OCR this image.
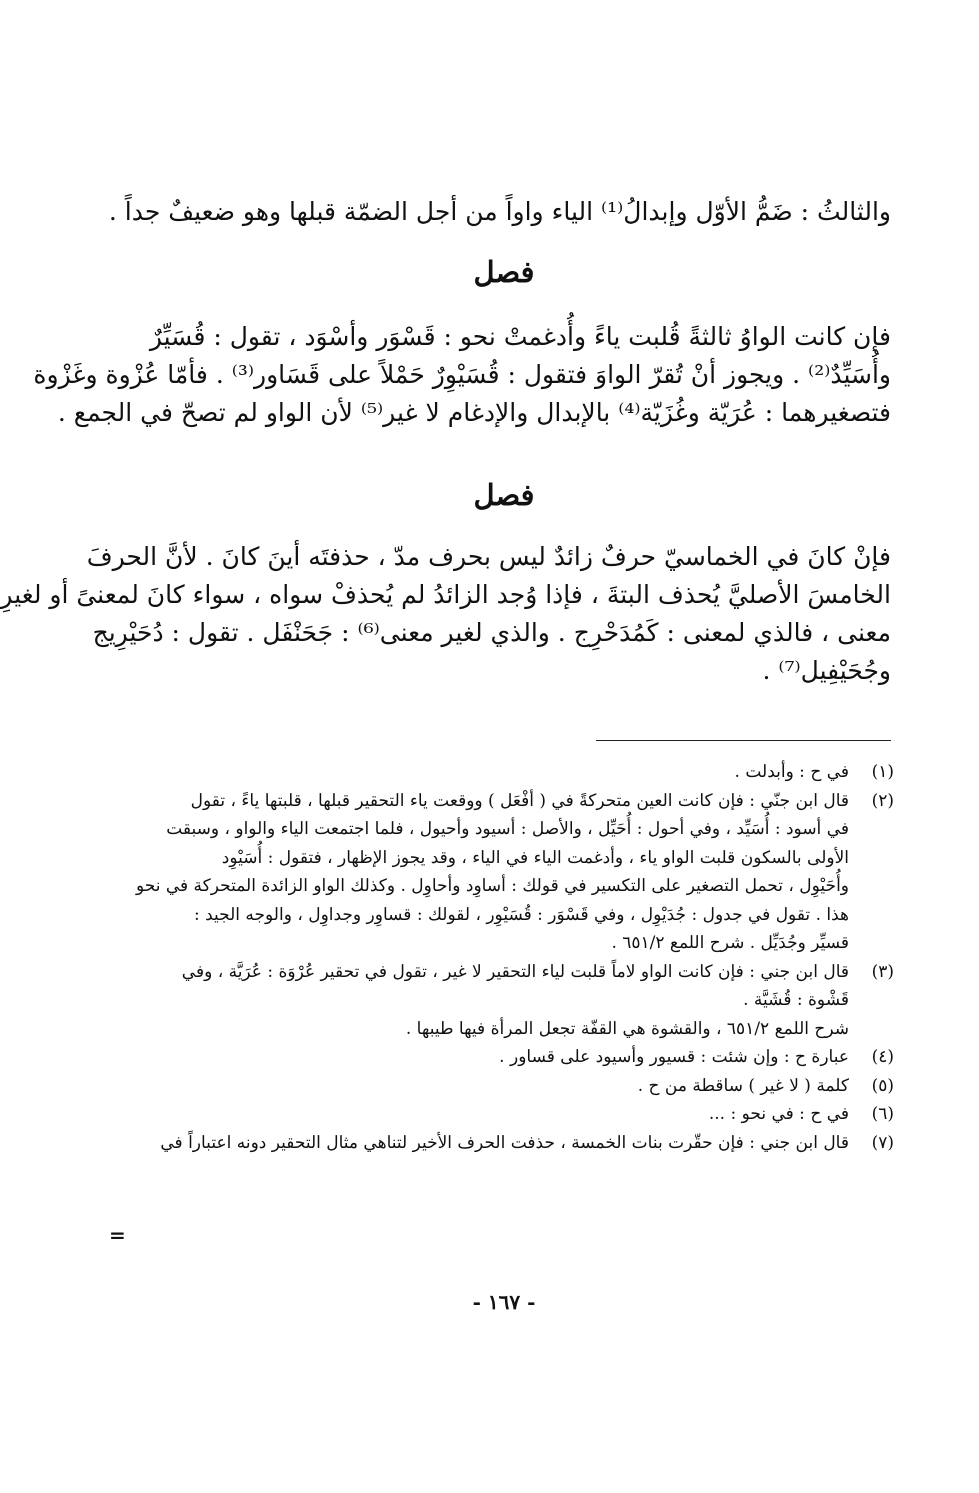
والثالثُ : ضَمُّ الأوّل وإبدالُ⁽¹⁾ الياء واواً من أجل الضمّة قبلها وهو ضعيفٌ جداً .
فصل
فإن كانت الواوُ ثالثةً قُلبت ياءً وأُدغمتْ نحو : قَسْوَر وأسْوَد ، تقول : قُسَيِّرٌ
وأُسَيِّدٌ⁽²⁾ . ويجوز أنْ تُقرّ الواوَ فتقول : قُسَيْوِرٌ حَمْلاً على قَسَاور⁽³⁾ . فأمّا عُزْوة وغَزْوة
فتصغيرهما : عُرَيّة وغُزَيّة⁽⁴⁾ بالإبدال والإدغام لا غير⁽⁵⁾ لأن الواو لم تصحّ في الجمع .
فصل
فإنْ كانَ في الخماسيّ حرفٌ زائدٌ ليس بحرف مدّ ، حذفتَه أينَ كانَ . لأنَّ الحرفَ
الخامسَ الأصليَّ يُحذف البتةَ ، فإذا وُجد الزائدُ لم يُحذفْ سواه ، سواء كانَ لمعنىً أو لغيرِ
معنى ، فالذي لمعنى : كَمُدَحْرِج . والذي لغير معنى⁽⁶⁾ : جَحَنْفَل . تقول : دُحَيْرِيج
وجُحَيْفِيل⁽⁷⁾ .
(١)
في ح : وأبدلت .
(٢)
قال ابن جنّي : فإن كانت العين متحركةً في ( أفْعَل ) ووقعت ياء التحقير قبلها ، قلبتها ياءً ، تقول
في أسود : أُسَيِّد ، وفي أحول : أُحَيِّل ، والأصل : أسيود وأحيول ، فلما اجتمعت الياء والواو ، وسبقت
الأولى بالسكون قلبت الواو ياء ، وأدغمت الياء في الياء ، وقد يجوز الإظهار ، فتقول : أُسَيْوِد
وأُحَيْوِل ، تحمل التصغير على التكسير في قولك : أساوِد وأحاوِل . وكذلك الواو الزائدة المتحركة في نحو
هذا . تقول في جدول : جُدَيْوِل ، وفي قَسْوَر : قُسَيْوِر ، لقولك : قساوِر وجداوِل ، والوجه الجيد :
قسيِّر وجُدَيِّل . شرح اللمع ٦٥١/٢ .
(٣)
قال ابن جني : فإن كانت الواو لاماً قلبت لياء التحقير لا غير ، تقول في تحقير عُرْوَة : عُرَيَّة ، وفي
قَشْوة : قُشَيَّة .
شرح اللمع ٦٥١/٢ ، والقشوة هي القفّة تجعل المرأة فيها طيبها .
(٤)
عبارة ح : وإن شئت : قسيور وأسيود على قساور .
(٥)
كلمة ( لا غير ) ساقطة من ح .
(٦)
في ح : في نحو : ...
(٧)
قال ابن جني : فإن حقّرت بنات الخمسة ، حذفت الحرف الأخير لتناهي مثال التحقير دونه اعتباراً في
=
- ١٦٧ -
